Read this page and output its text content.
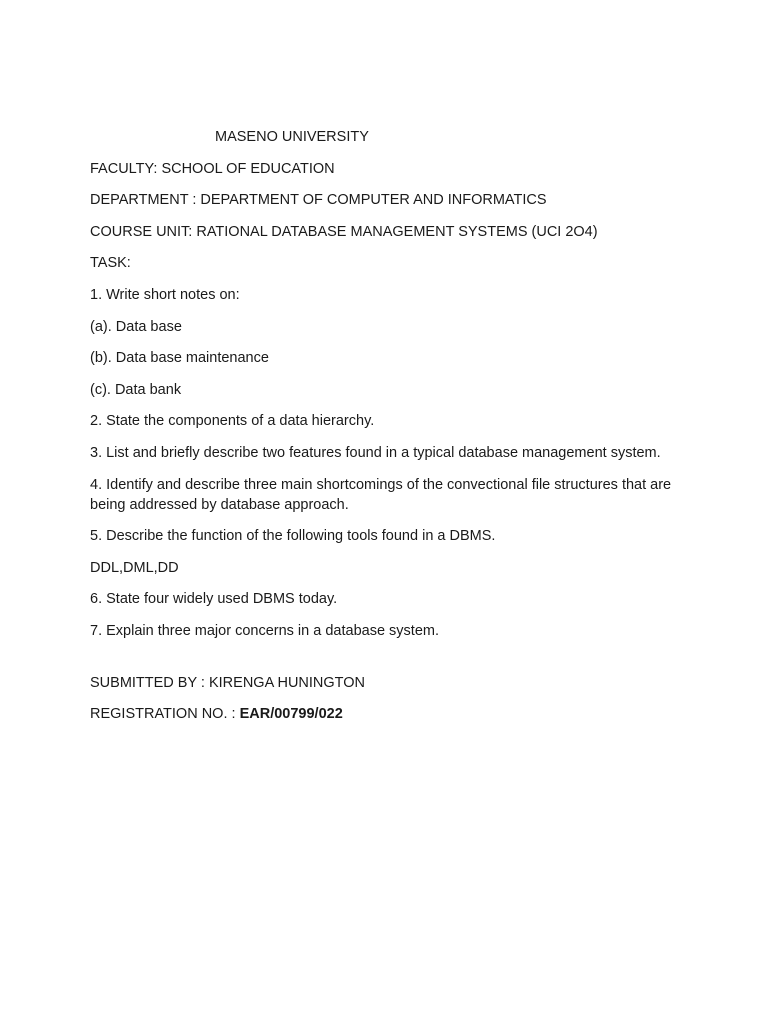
MASENO UNIVERSITY

FACULTY: SCHOOL OF EDUCATION

DEPARTMENT : DEPARTMENT OF COMPUTER AND INFORMATICS

COURSE UNIT: RATIONAL DATABASE MANAGEMENT SYSTEMS (UCI 2O4)

TASK:

1. Write short notes on:

(a). Data base

(b). Data base maintenance

(c). Data bank

2. State the components of a data hierarchy.

3. List and briefly describe two features found in a typical database management system.

4. Identify and describe three main shortcomings of the convectional file structures that are being addressed by database approach.

5. Describe the function of the following tools found in a DBMS.

DDL,DML,DD

6. State four widely used DBMS today.

7. Explain three major concerns in a database system.

SUBMITTED BY : KIRENGA HUNINGTON

REGISTRATION NO. : EAR/00799/022
